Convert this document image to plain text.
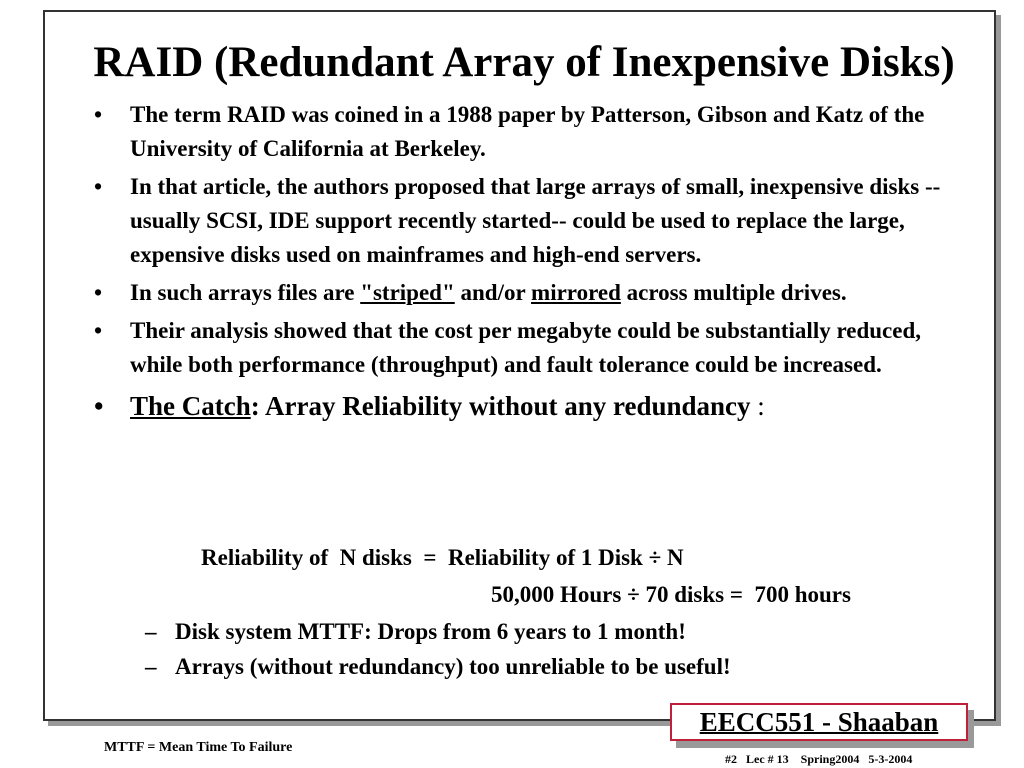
RAID (Redundant Array of Inexpensive Disks)
• The term RAID was coined in a 1988 paper by Patterson, Gibson and Katz of the University of California at Berkeley.
• In that article, the authors proposed that large arrays of small, inexpensive disks --usually SCSI, IDE support recently started-- could be used to replace the large, expensive disks used on mainframes and high-end servers.
• In such arrays files are "striped" and/or mirrored across multiple drives.
• Their analysis showed that the cost per megabyte could be substantially reduced, while both performance (throughput) and fault tolerance could be increased.
• The Catch: Array Reliability without any redundancy :
Reliability of  N disks  =  Reliability of 1 Disk ÷ N
50,000 Hours ÷ 70 disks =  700 hours
– Disk system MTTF: Drops from 6 years to 1 month!
– Arrays (without redundancy) too unreliable to be useful!
EECC551 - Shaaban
MTTF = Mean Time To Failure
#2   Lec # 13    Spring2004   5-3-2004
